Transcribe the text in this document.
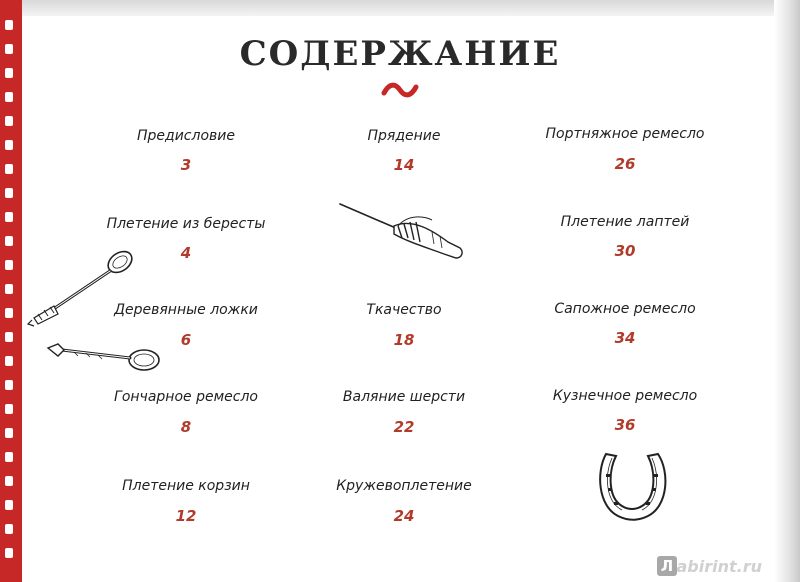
СОДЕРЖАНИЕ
Предисловие
3
Плетение из бересты
4
Деревянные ложки
6
Гончарное ремесло
8
Плетение корзин
12
Прядение
14
Ткачество
18
Валяние шерсти
22
Кружевоплетение
24
Портняжное ремесло
26
Плетение лаптей
30
Сапожное ремесло
34
Кузнечное ремесло
36
Л abirint.ru
